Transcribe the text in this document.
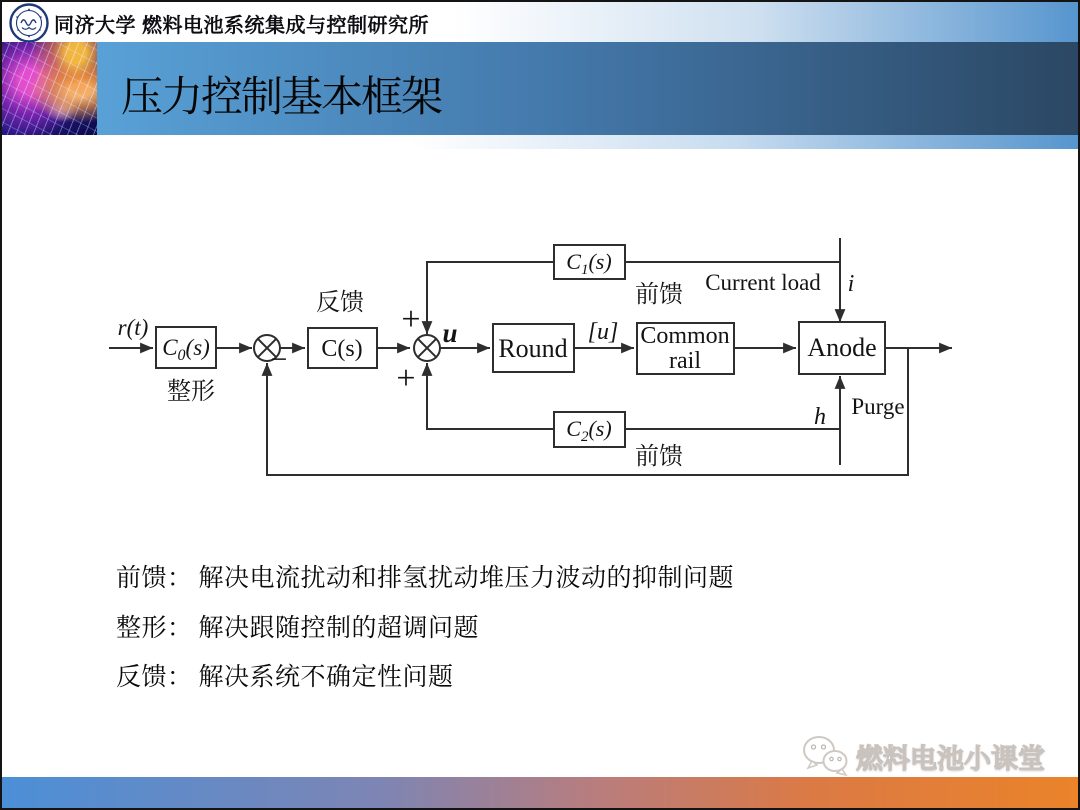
同济大学 燃料电池系统集成与控制研究所
压力控制基本框架
r(t)
$C_0(s)$
整形
− C(s)
反馈 +
+
u
Round
[u] Common
rail	Anode
$C_1(s)$
$C_2(s)$
前馈
前馈
Current load i
h Purge
前馈： 解决电流扰动和排氢扰动堆压力波动的抑制问题
整形： 解决跟随控制的超调问题
反馈： 解决系统不确定性问题
燃料电池小课堂
